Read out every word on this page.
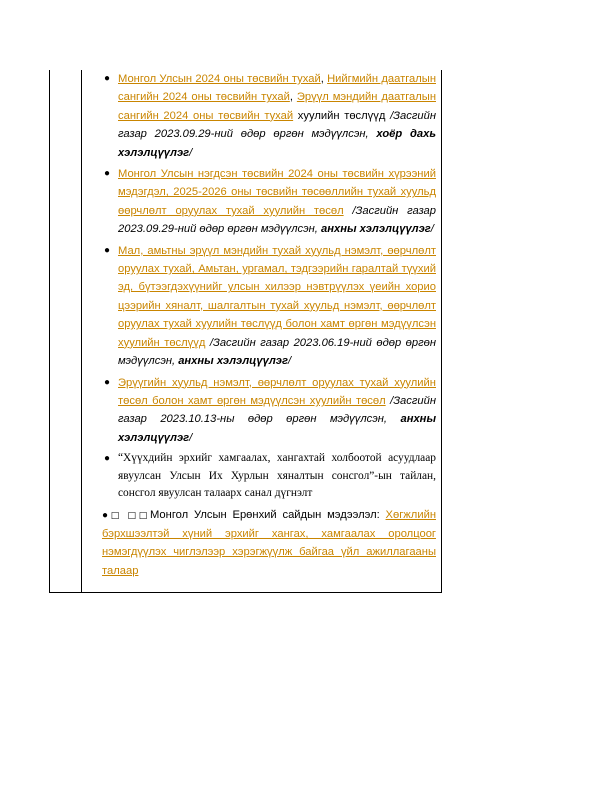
● Монгол Улсын 2024 оны төсвийн тухай, Нийгмийн даатгалын сангийн 2024 оны төсвийн тухай, Эрүүл мэндийн даатгалын сангийн 2024 оны төсвийн тухай хуулийн төслүүд /Засгийн газар 2023.09.29-ний өдөр өргөн мэдүүлсэн, хоёр дахь хэлэлцүүлэг/
● Монгол Улсын нэгдсэн төсвийн 2024 оны төсвийн хүрээний мэдэгдэл, 2025-2026 оны төсвийн төсөөллийн тухай хуульд өөрчлөлт оруулах тухай хуулийн төсөл /Засгийн газар 2023.09.29-ний өдөр өргөн мэдүүлсэн, анхны хэлэлцүүлэг/
● Мал, амьтны эрүүл мэндийн тухай хуульд нэмэлт, өөрчлөлт оруулах тухай, Амьтан, ургамал, тэдгээрийн гаралтай түүхий эд, бүтээгдэхүүнийг улсын хилээр нэвтрүүлэх үеийн хорио цээрийн хяналт, шалгалтын тухай хуульд нэмэлт, өөрчлөлт оруулах тухай хуулийн төслүүд болон хамт өргөн мэдүүлсэн хуулийн төслүүд /Засгийн газар 2023.06.19-ний өдөр өргөн мэдүүлсэн, анхны хэлэлцүүлэг/
● Эрүүгийн хуульд нэмэлт, өөрчлөлт оруулах тухай хуулийн төсөл болон хамт өргөн мэдүүлсэн хуулийн төсөл /Засгийн газар 2023.10.13-ны өдөр өргөн мэдүүлсэн, анхны хэлэлцүүлэг/
● “Хүүхдийн эрхийг хамгаалах, хангахтай холбоотой асуудлаар явуулсан Улсын Их Хурлын хяналтын сонсгол”-ын тайлан, сонсгол явуулсан талаарх санал дүгнэлт
●□ □□Монгол Улсын Ерөнхий сайдын мэдээлэл: Хөгжлийн бэрхшээлтэй хүний эрхийг хангах, хамгаалах оролцоог нэмэгдүүлэх чиглэлээр хэрэгжүүлж байгаа үйл ажиллагааны талаар
